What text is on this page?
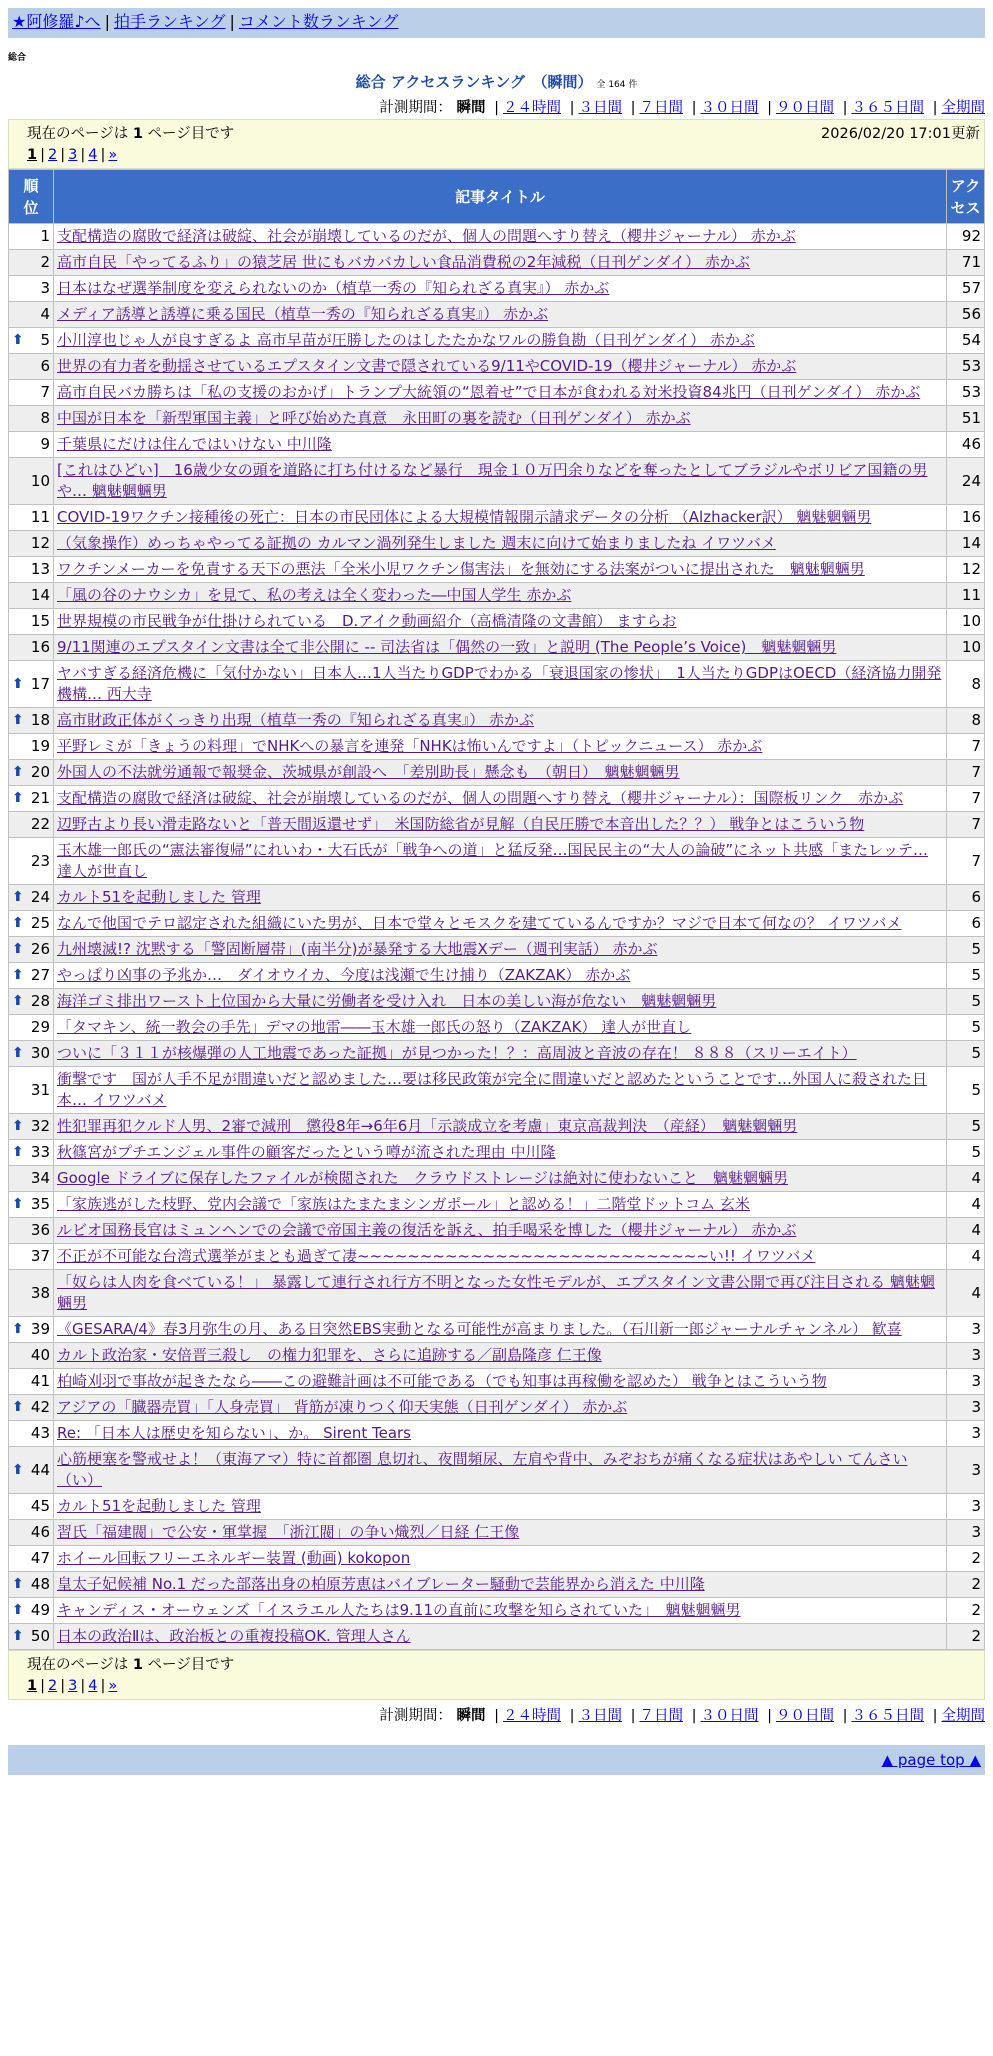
★阿修羅♪へ | 拍手ランキング | コメント数ランキング
総合
総合 アクセスランキング　（瞬間） 全 164 件
計測期間： 瞬間 | ２４時間 | ３日間 | ７日間 | ３０日間 | ９０日間 | ３６５日間 | 全期間
現在のページは 1 ページ目です	2026/02/20 17:01更新
1 | 2 | 3 | 4 | »
順位	記事タイトル	アクセス
1	支配構造の腐敗で経済は破綻、社会が崩壊しているのだが、個人の問題へすり替え（櫻井ジャーナル） 赤かぶ	92
2	高市自民「やってるふり」の猿芝居 世にもバカバカしい食品消費税の2年減税（日刊ゲンダイ） 赤かぶ	71
3	日本はなぜ選挙制度を変えられないのか（植草一秀の『知られざる真実』） 赤かぶ	57
4	メディア誘導と誘導に乗る国民（植草一秀の『知られざる真実』） 赤かぶ	56

⬆ 5	小川淳也じゃ人が良すぎるよ 高市早苗が圧勝したのはしたたかなワルの勝負勘（日刊ゲンダイ） 赤かぶ	54
6	世界の有力者を動揺させているエプスタイン文書で隠されている9/11やCOVID-19（櫻井ジャーナル） 赤かぶ	53
7	高市自民バカ勝ちは「私の支援のおかげ」トランプ大統領の“恩着せ”で日本が食われる対米投資84兆円（日刊ゲンダイ） 赤かぶ	53
8	中国が日本を「新型軍国主義」と呼び始めた真意　永田町の裏を読む（日刊ゲンダイ） 赤かぶ	51
9	千葉県にだけは住んではいけない 中川隆	46
10	[これはひどい]　16歳少女の頭を道路に打ち付けるなど暴行　現金１０万円余りなどを奪ったとしてブラジルやボリビア国籍の男や… 魑魅魍魎男	24
11	COVID-19ワクチン接種後の死亡：日本の市民団体による大規模情報開示請求データの分析 （Alzhacker訳） 魑魅魍魎男	16
12	（気象操作）めっちゃやってる証拠の カルマン渦列発生しました 週末に向けて始まりましたね イワツバメ	14
13	ワクチンメーカーを免責する天下の悪法「全米小児ワクチン傷害法」を無効にする法案がついに提出された　魑魅魍魎男	12
14	「風の谷のナウシカ」を見て、私の考えは全く変わった―中国人学生 赤かぶ	11
15	世界規模の市民戦争が仕掛けられている　D.アイク動画紹介（高橋清隆の文書館） ますらお	10
16	9/11関連のエプスタイン文書は全て非公開に -- 司法省は「偶然の一致」と説明 (The People’s Voice)　魑魅魍魎男	10

⬆ 17	ヤバすぎる経済危機に「気付かない」日本人…1人当たりGDPでわかる「衰退国家の惨状」　1人当たりGDPはOECD（経済協力開発機構… 西大寺	8

⬆ 18	高市財政正体がくっきり出現（植草一秀の『知られざる真実』） 赤かぶ	8
19	平野レミが「きょうの料理」でNHKへの暴言を連発「NHKは怖いんですよ」（トピックニュース） 赤かぶ	7

⬆ 20	外国人の不法就労通報で報奨金、茨城県が創設へ　「差別助長」懸念も　（朝日）　魑魅魍魎男	7

⬆ 21	支配構造の腐敗で経済は破綻、社会が崩壊しているのだが、個人の問題へすり替え（櫻井ジャーナル）：国際板リンク　赤かぶ	7
22	辺野古より長い滑走路ないと「普天間返還せず」　米国防総省が見解（自民圧勝で本音出した？？） 戦争とはこういう物	7
23	玉木雄一郎氏の“憲法審復帰”にれいわ・大石氏が「戦争への道」と猛反発…国民民主の“大人の論破”にネット共感「またレッテ… 達人が世直し	7

⬆ 24	カルト51を起動しました 管理	6

⬆ 25	なんで他国でテロ認定された組織にいた男が、日本で堂々とモスクを建てているんですか？マジで日本て何なの？ イワツバメ	6

⬆ 26	九州壊滅!? 沈黙する「警固断層帯」(南半分)が暴発する大地震Xデー（週刊実話） 赤かぶ	5

⬆ 27	やっぱり凶事の予兆か…　ダイオウイカ、今度は浅瀬で生け捕り（ZAKZAK） 赤かぶ	5

⬆ 28	海洋ゴミ排出ワースト上位国から大量に労働者を受け入れ　日本の美しい海が危ない　魑魅魍魎男	5
29	「タマキン、統一教会の手先」デマの地雷――玉木雄一郎氏の怒り（ZAKZAK） 達人が世直し	5

⬆ 30	ついに「３１１が核爆弾の人工地震であった証拠」が見つかった！？：高周波と音波の存在！ ８８８（スリーエイト）	5
31	衝撃です　国が人手不足が間違いだと認めました…要は移民政策が完全に間違いだと認めたということです…外国人に殺された日本… イワツバメ	5

⬆ 32	性犯罪再犯クルド人男、2審で減刑　懲役8年→6年6月「示談成立を考慮」東京高裁判決　（産経）　魑魅魍魎男	5

⬆ 33	秋篠宮がプチエンジェル事件の顧客だったという噂が流された理由 中川隆	5
34	Google ドライブに保存したファイルが検閲された　クラウドストレージは絶対に使わないこと　魑魅魍魎男	4

⬆ 35	「家族逃がした枝野、党内会議で「家族はたまたまシンガポール」と認める！」二階堂ドットコム 玄米	4
36	ルビオ国務長官はミュンヘンでの会議で帝国主義の復活を訴え、拍手喝采を博した（櫻井ジャーナル） 赤かぶ	4
37	不正が不可能な台湾式選挙がまとも過ぎて凄~~~~~~~~~~~~~~~~~~~~~~~~~~~~い!! イワツバメ	4
38	「奴らは人肉を食べている！」 暴露して連行され行方不明となった女性モデルが、エプスタイン文書公開で再び注目される 魑魅魍魎男	4

⬆ 39	《GESARA/4》春3月弥生の月、ある日突然EBS実動となる可能性が高まりました。（石川新一郎ジャーナルチャンネル） 歓喜	3
40	カルト政治家・安倍晋三殺し　の権力犯罪を、さらに追跡する／副島隆彦 仁王像	3
41	柏崎刈羽で事故が起きたなら――この避難計画は不可能である（でも知事は再稼働を認めた） 戦争とはこういう物	3

⬆ 42	アジアの「臓器売買」「人身売買」 背筋が凍りつく仰天実態（日刊ゲンダイ） 赤かぶ	3
43	Re: 「日本人は歴史を知らない」、か。 Sirent Tears	3

⬆ 44	心筋梗塞を警戒せよ！（東海アマ）特に首都圏 息切れ、夜間頻尿、左肩や背中、みぞおちが痛くなる症状はあやしい てんさい（い）	3
45	カルト51を起動しました 管理	3
46	習氏「福建閥」で公安・軍掌握　「浙江閥」の争い熾烈／日経 仁王像	3
47	ホイール回転フリーエネルギー装置 (動画) kokopon	2

⬆ 48	皇太子妃候補 No.1 だった部落出身の柏原芳恵はバイブレーター騒動で芸能界から消えた 中川隆	2

⬆ 49	キャンディス・オーウェンズ「イスラエル人たちは9.11の直前に攻撃を知らされていた」　魑魅魍魎男	2

⬆ 50	日本の政治Ⅱは、政治板との重複投稿OK. 管理人さん	2
現在のページは 1 ページ目です
1 | 2 | 3 | 4 | »
計測期間： 瞬間 | ２４時間 | ３日間 | ７日間 | ３０日間 | ９０日間 | ３６５日間 | 全期間
▲ page top ▲
